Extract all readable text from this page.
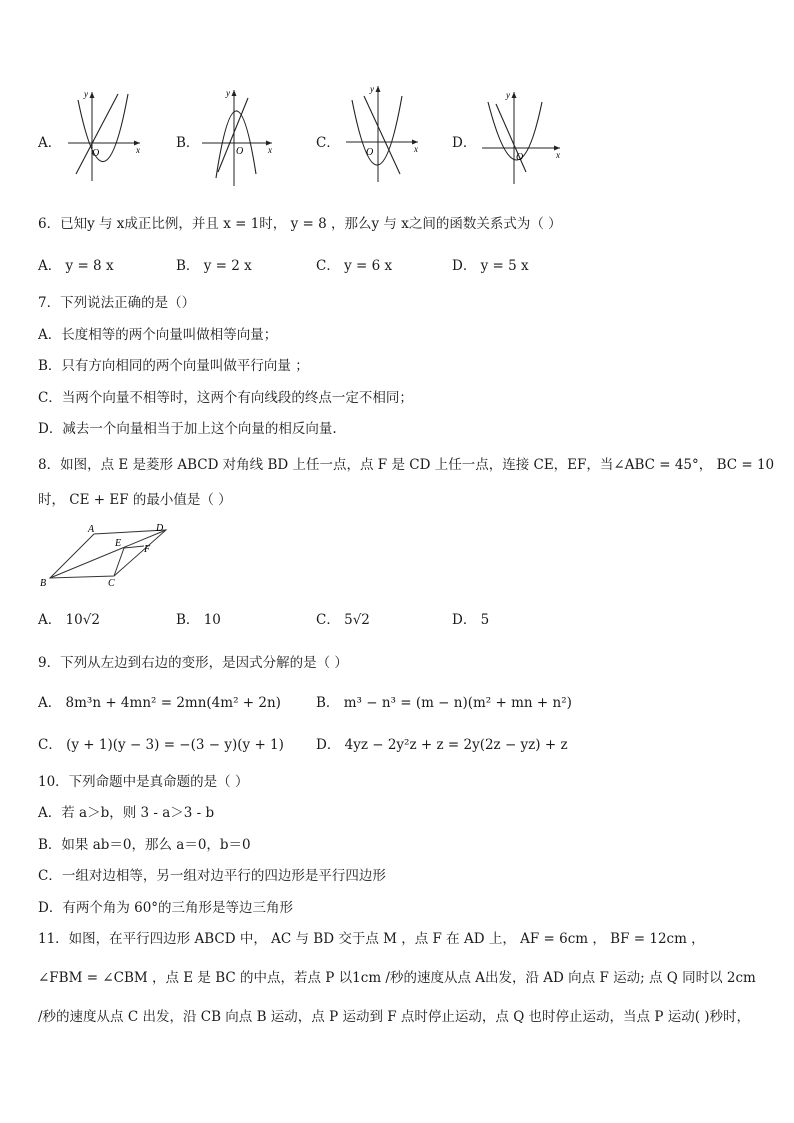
A．
y
x
O
B．
y
x
O
C．
y
x
O
D．
y
x
O
6．已知y 与 x成正比例，并且 x = 1时， y = 8 ，那么y 与 x之间的函数关系式为（ ）
A． y = 8 x	B． y = 2 x	C． y = 6 x	D． y = 5 x
7．下列说法正确的是（）
A．长度相等的两个向量叫做相等向量；
B．只有方向相同的两个向量叫做平行向量 ；
C．当两个向量不相等时，这两个有向线段的终点一定不相同；
D．减去一个向量相当于加上这个向量的相反向量.
8．如图，点 E 是菱形 ABCD 对角线 BD 上任一点，点 F 是 CD 上任一点，连接 CE，EF，当∠ABC = 45°， BC = 10
时， CE + EF 的最小值是（ ）
A
B	C
D
E
F
A． 10√2	B． 10	C． 5√2	D． 5
9．下列从左边到右边的变形，是因式分解的是（ ）
A． 8m³n + 4mn² = 2mn(4m² + 2n)	B． m³ − n³ = (m − n)(m² + mn + n²)
C． (y + 1)(y − 3) = −(3 − y)(y + 1) D． 4yz − 2y²z + z = 2y(2z − yz) + z
10．下列命题中是真命题的是（ ）
A．若 a＞b，则 3 - a＞3 - b
B．如果 ab＝0，那么 a＝0，b＝0
C．一组对边相等，另一组对边平行的四边形是平行四边形
D．有两个角为 60°的三角形是等边三角形
11．如图，在平行四边形 ABCD 中， AC 与 BD 交于点 M ，点 F 在 AD 上， AF = 6cm ， BF = 12cm ，
∠FBM = ∠CBM ，点 E 是 BC 的中点，若点 P 以1cm /秒的速度从点 A出发，沿 AD 向点 F 运动; 点 Q 同时以 2cm
/秒的速度从点 C 出发，沿 CB 向点 B 运动，点 P 运动到 F 点时停止运动，点 Q 也时停止运动，当点 P 运动( )秒时，
